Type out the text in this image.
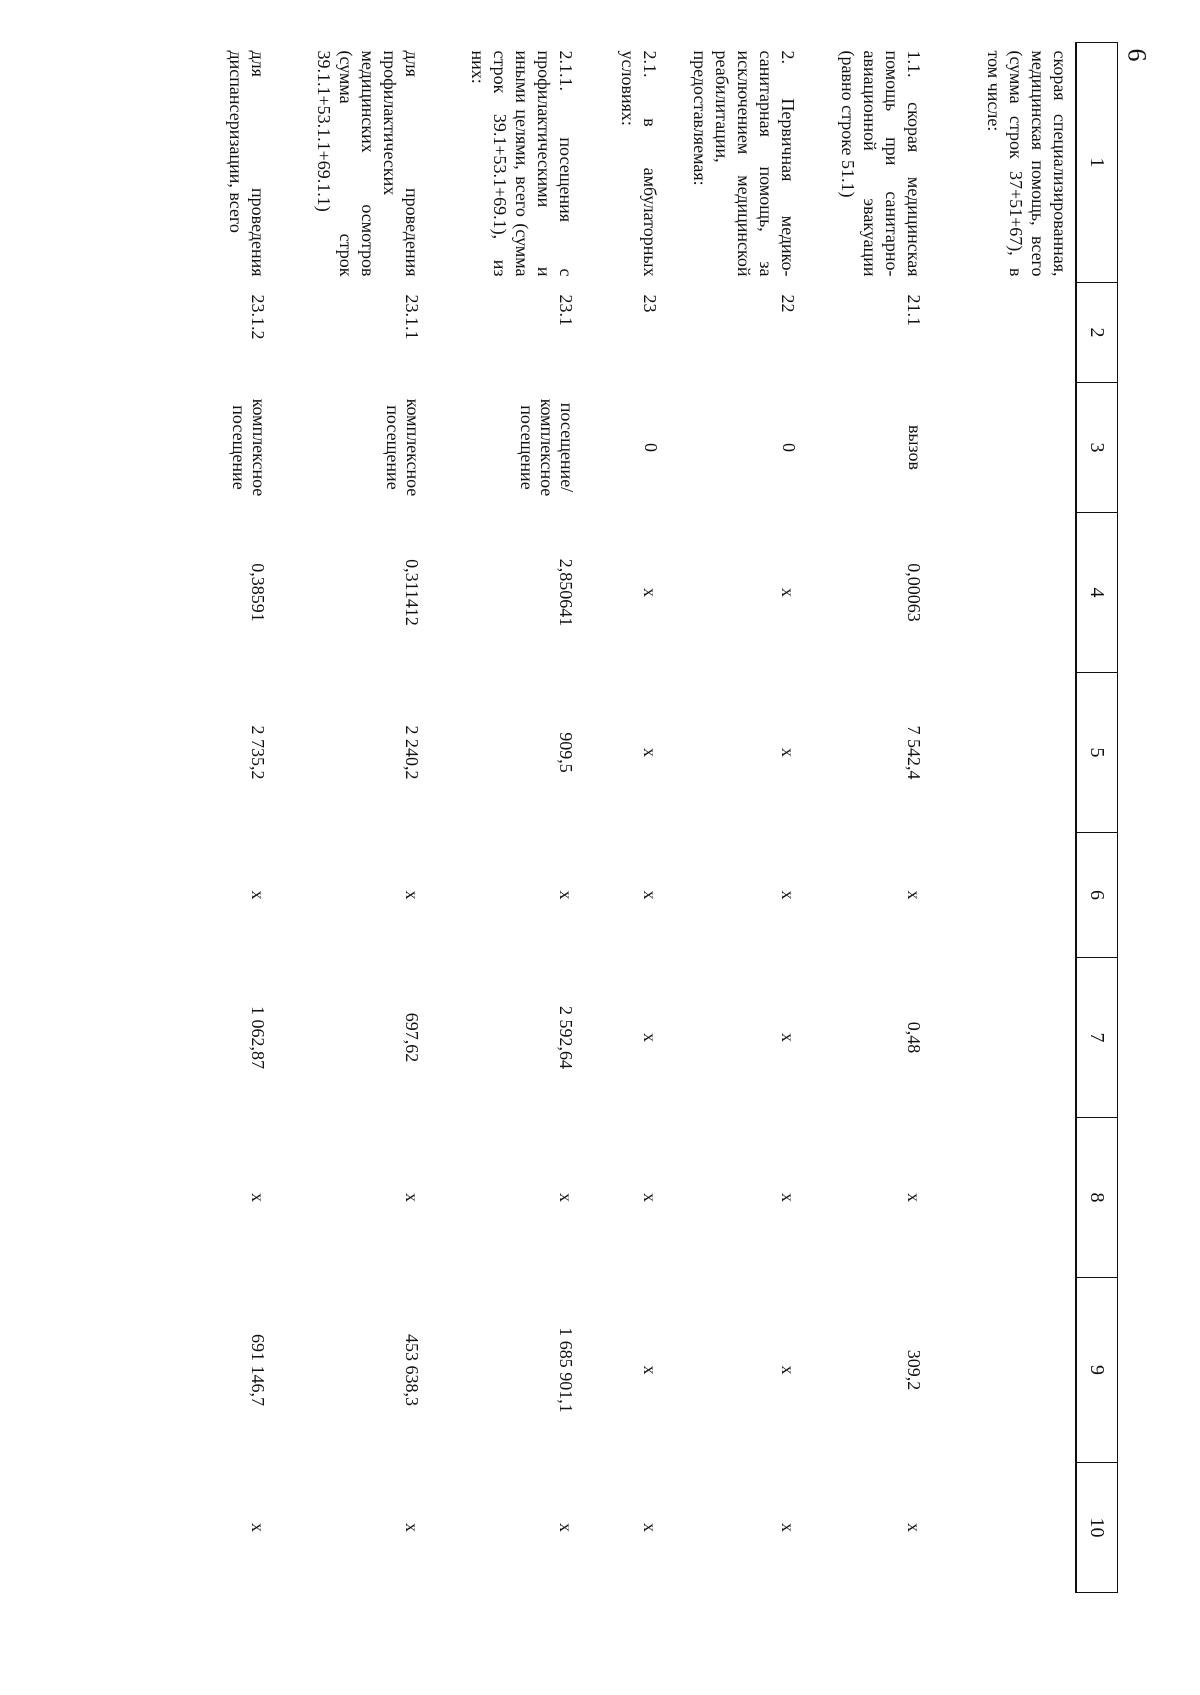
6
1	2	3	4	5	6	7	8	9	10
скорая специализированная, медицинская помощь, всего (сумма строк 37+51+67), в том числе:									
1.1. скорая медицинская помощь при санитарно-авиационной эвакуации (равно строке 51.1)	21.1	вызов	0,00063	7 542,4	x	0,48	x	309,2	x
2. Первичная медико-санитарная помощь, за исключением медицинской реабилитации, предоставляемая:	22	0	x	x	x	x	x	x	x
2.1. в амбулаторных условиях:	23	0	x	x	x	x	x	x	x
2.1.1. посещения с профилактическими и иными целями, всего (сумма строк 39.1+53.1+69.1), из них:	23.1	посещение/ комплексное посещение	2,850641	909,5	x	2 592,64	x	1 685 901,1	x
для проведения профилактических медицинских осмотров (сумма строк 39.1.1+53.1.1+69.1.1)	23.1.1	комплексное посещение	0,311412	2 240,2	x	697,62	x	453 638,3	x
для проведения диспансеризации, всего	23.1.2	комплексное посещение	0,38591	2 735,2	x	1 062,87	x	691 146,7	x
